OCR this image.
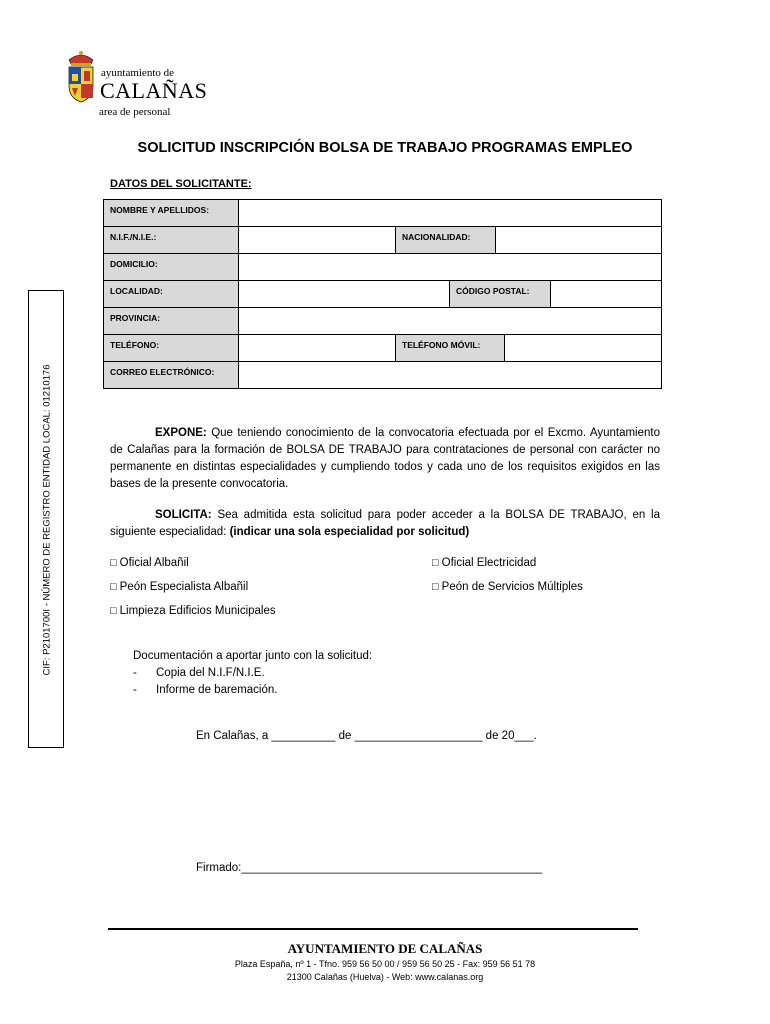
ayuntamiento de
CALAÑAS
area de personal
CIF: P2101700I - NÚMERO DE REGISTRO ENTIDAD LOCAL: 01210176
SOLICITUD INSCRIPCIÓN BOLSA DE TRABAJO PROGRAMAS EMPLEO
DATOS DEL SOLICITANTE:
NOMBRE Y APELLIDOS:
N.I.F./N.I.E.:	NACIONALIDAD:
DOMICILIO:
LOCALIDAD:	CÓDIGO POSTAL:
PROVINCIA:
TELÉFONO:	TELÉFONO MÓVIL:
CORREO ELECTRÓNICO:
EXPONE: Que teniendo conocimiento de la convocatoria efectuada por el Excmo. Ayuntamiento de Calañas para la formación de BOLSA DE TRABAJO para contrataciones de personal con carácter no permanente en distintas especialidades y cumpliendo todos y cada uno de los requisitos exigidos en las bases de la presente convocatoria.
SOLICITA: Sea admitida esta solicitud para poder acceder a la BOLSA DE TRABAJO, en la siguiente especialidad: (indicar una sola especialidad por solicitud)
□ Oficial Albañil	□ Oficial Electricidad
□ Peón Especialista Albañil	□ Peón de Servicios Múltiples
□ Limpieza Edificios Municipales
Documentación a aportar junto con la solicitud:
-	Copia del N.I.F/N.I.E.
-	Informe de baremación.
En Calañas, a __________ de ____________________ de 20___.
Firmado:_______________________________________________
AYUNTAMIENTO DE CALAÑAS
Plaza España, nº 1 - Tfno. 959 56 50 00 / 959 56 50 25 - Fax: 959 56 51 78
21300 Calañas (Huelva) - Web: www.calanas.org
